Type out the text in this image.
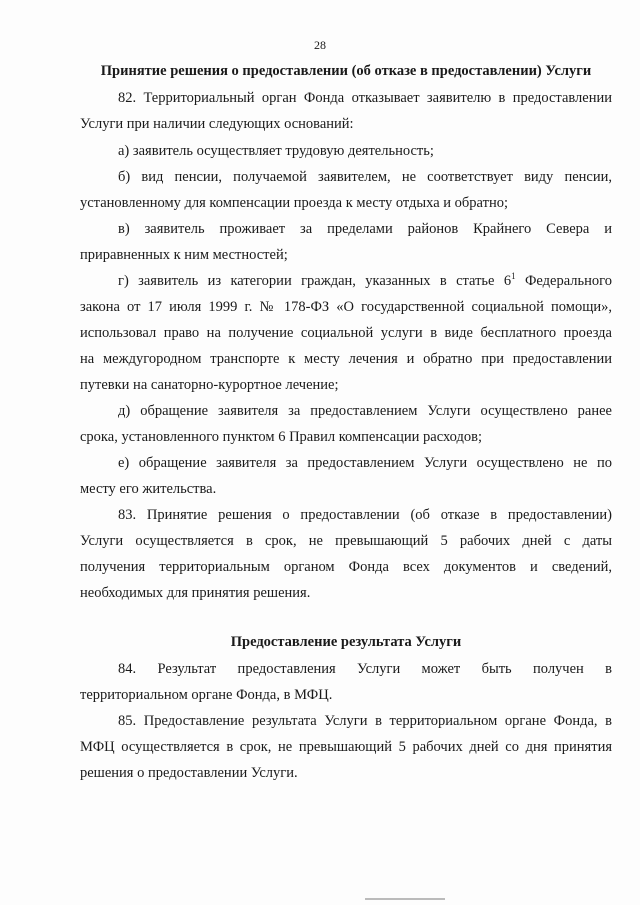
28
Принятие решения о предоставлении (об отказе в предоставлении) Услуги
82. Территориальный орган Фонда отказывает заявителю в предоставлении
Услуги при наличии следующих оснований:
а) заявитель осуществляет трудовую деятельность;
б) вид пенсии, получаемой заявителем, не соответствует виду пенсии,
установленному для компенсации проезда к месту отдыха и обратно;
в) заявитель проживает за пределами районов Крайнего Севера и
приравненных к ним местностей;
г) заявитель из категории граждан, указанных в статье $6^1$ Федерального
закона от 17 июля 1999 г. № 178-ФЗ «О государственной социальной помощи»,
использовал право на получение социальной услуги в виде бесплатного проезда
на междугородном транспорте к месту лечения и обратно при предоставлении
путевки на санаторно-курортное лечение;
д) обращение заявителя за предоставлением Услуги осуществлено ранее
срока, установленного пунктом 6 Правил компенсации расходов;
е) обращение заявителя за предоставлением Услуги осуществлено не по
месту его жительства.
83. Принятие решения о предоставлении (об отказе в предоставлении)
Услуги осуществляется в срок, не превышающий 5 рабочих дней с даты
получения территориальным органом Фонда всех документов и сведений,
необходимых для принятия решения.
Предоставление результата Услуги
84. Результат предоставления Услуги может быть получен в
территориальном органе Фонда, в МФЦ.
85. Предоставление результата Услуги в территориальном органе Фонда, в
МФЦ осуществляется в срок, не превышающий 5 рабочих дней со дня принятия
решения о предоставлении Услуги.
